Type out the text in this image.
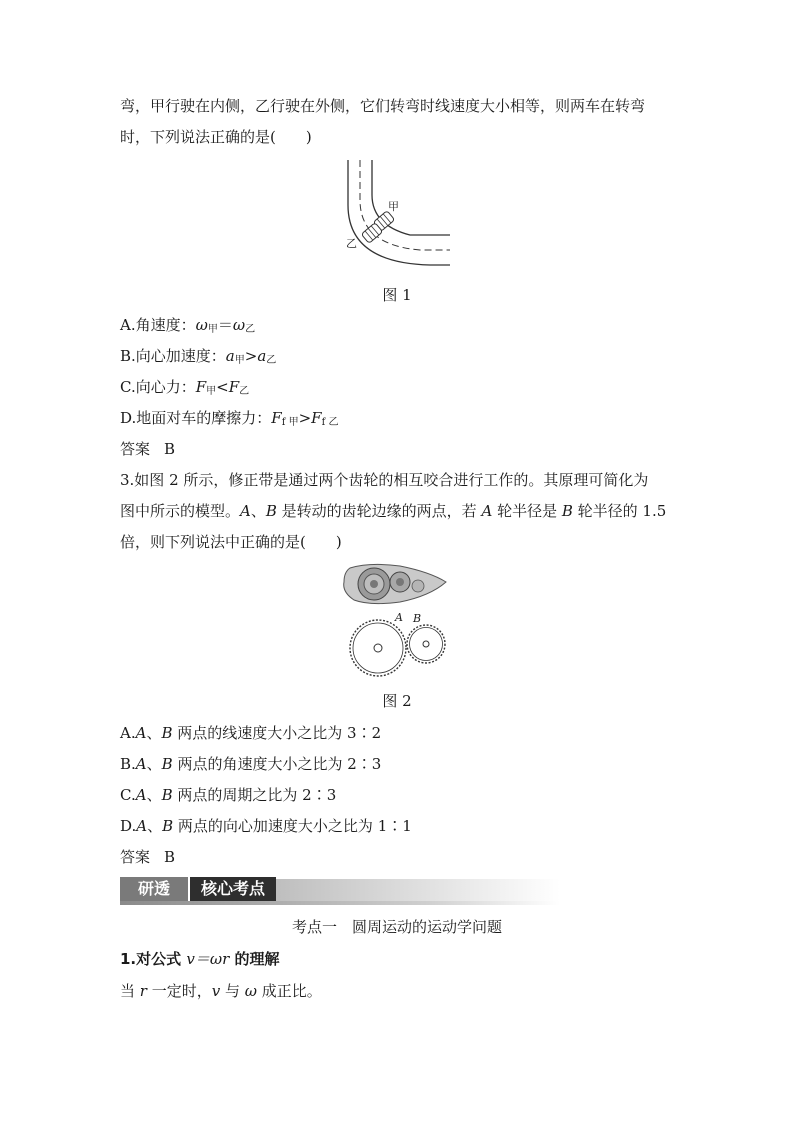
弯，甲行驶在内侧，乙行驶在外侧，它们转弯时线速度大小相等，则两车在转弯
时，下列说法正确的是(　　)
甲
乙
图 1
A.角速度：$\omega_甲=\omega_乙$
B.向心加速度：$a_甲>a_乙$
C.向心力：$F_甲<F_乙$
D.地面对车的摩擦力：$F_{f 甲}>F_{f 乙}$
答案 B
3.如图 2 所示，修正带是通过两个齿轮的相互咬合进行工作的。其原理可简化为
图中所示的模型。A、B 是转动的齿轮边缘的两点，若 A 轮半径是 B 轮半径的 1.5
倍，则下列说法中正确的是(　　)
A B
图 2
A.A、B 两点的线速度大小之比为 3∶2
B.A、B 两点的角速度大小之比为 2∶3
C.A、B 两点的周期之比为 2∶3
D.A、B 两点的向心加速度大小之比为 1∶1
答案 B
研透	核心考点
考点一　圆周运动的运动学问题
1.对公式 v＝ωr 的理解
当 r 一定时，v 与 ω 成正比。
